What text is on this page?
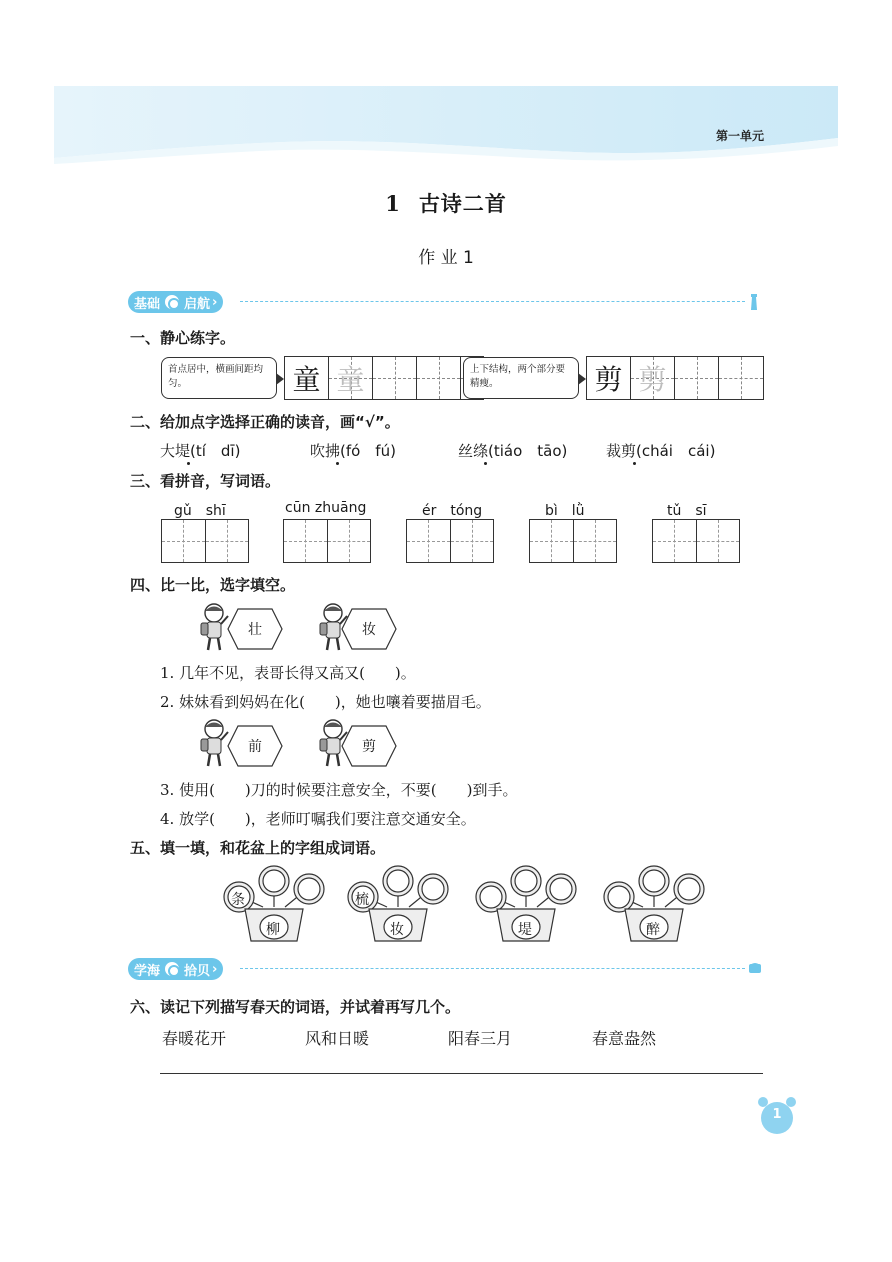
第一单元
1 古诗二首
作 业 1
基础 启航 ›
一、静心练字。
首点居中，横画间距均匀。	童 童	上下结构，两个部分要精瘦。	剪 剪
二、给加点字选择正确的读音，画“√”。
大堤(tí　dī)	吹拂(fó　fú)	丝绦(tiáo　tāo)	裁剪(chái　cái)
三、看拼音，写词语。
gǔ　shī	cūn zhuāng	ér　tóng	bì　lǜ	tǔ　sī
四、比一比，选字填空。
壮	妆
1. 几年不见，表哥长得又高又(　　)。
2. 妹妹看到妈妈在化(　　)，她也嚷着要描眉毛。
前	剪
3. 使用(　　)刀的时候要注意安全，不要(　　)到手。
4. 放学(　　)，老师叮嘱我们要注意交通安全。
五、填一填，和花盆上的字组成词语。
条
柳
梳
妆	堤	醉
学海 拾贝 ›
六、读记下列描写春天的词语，并试着再写几个。
春暖花开	风和日暖	阳春三月	春意盎然
1
